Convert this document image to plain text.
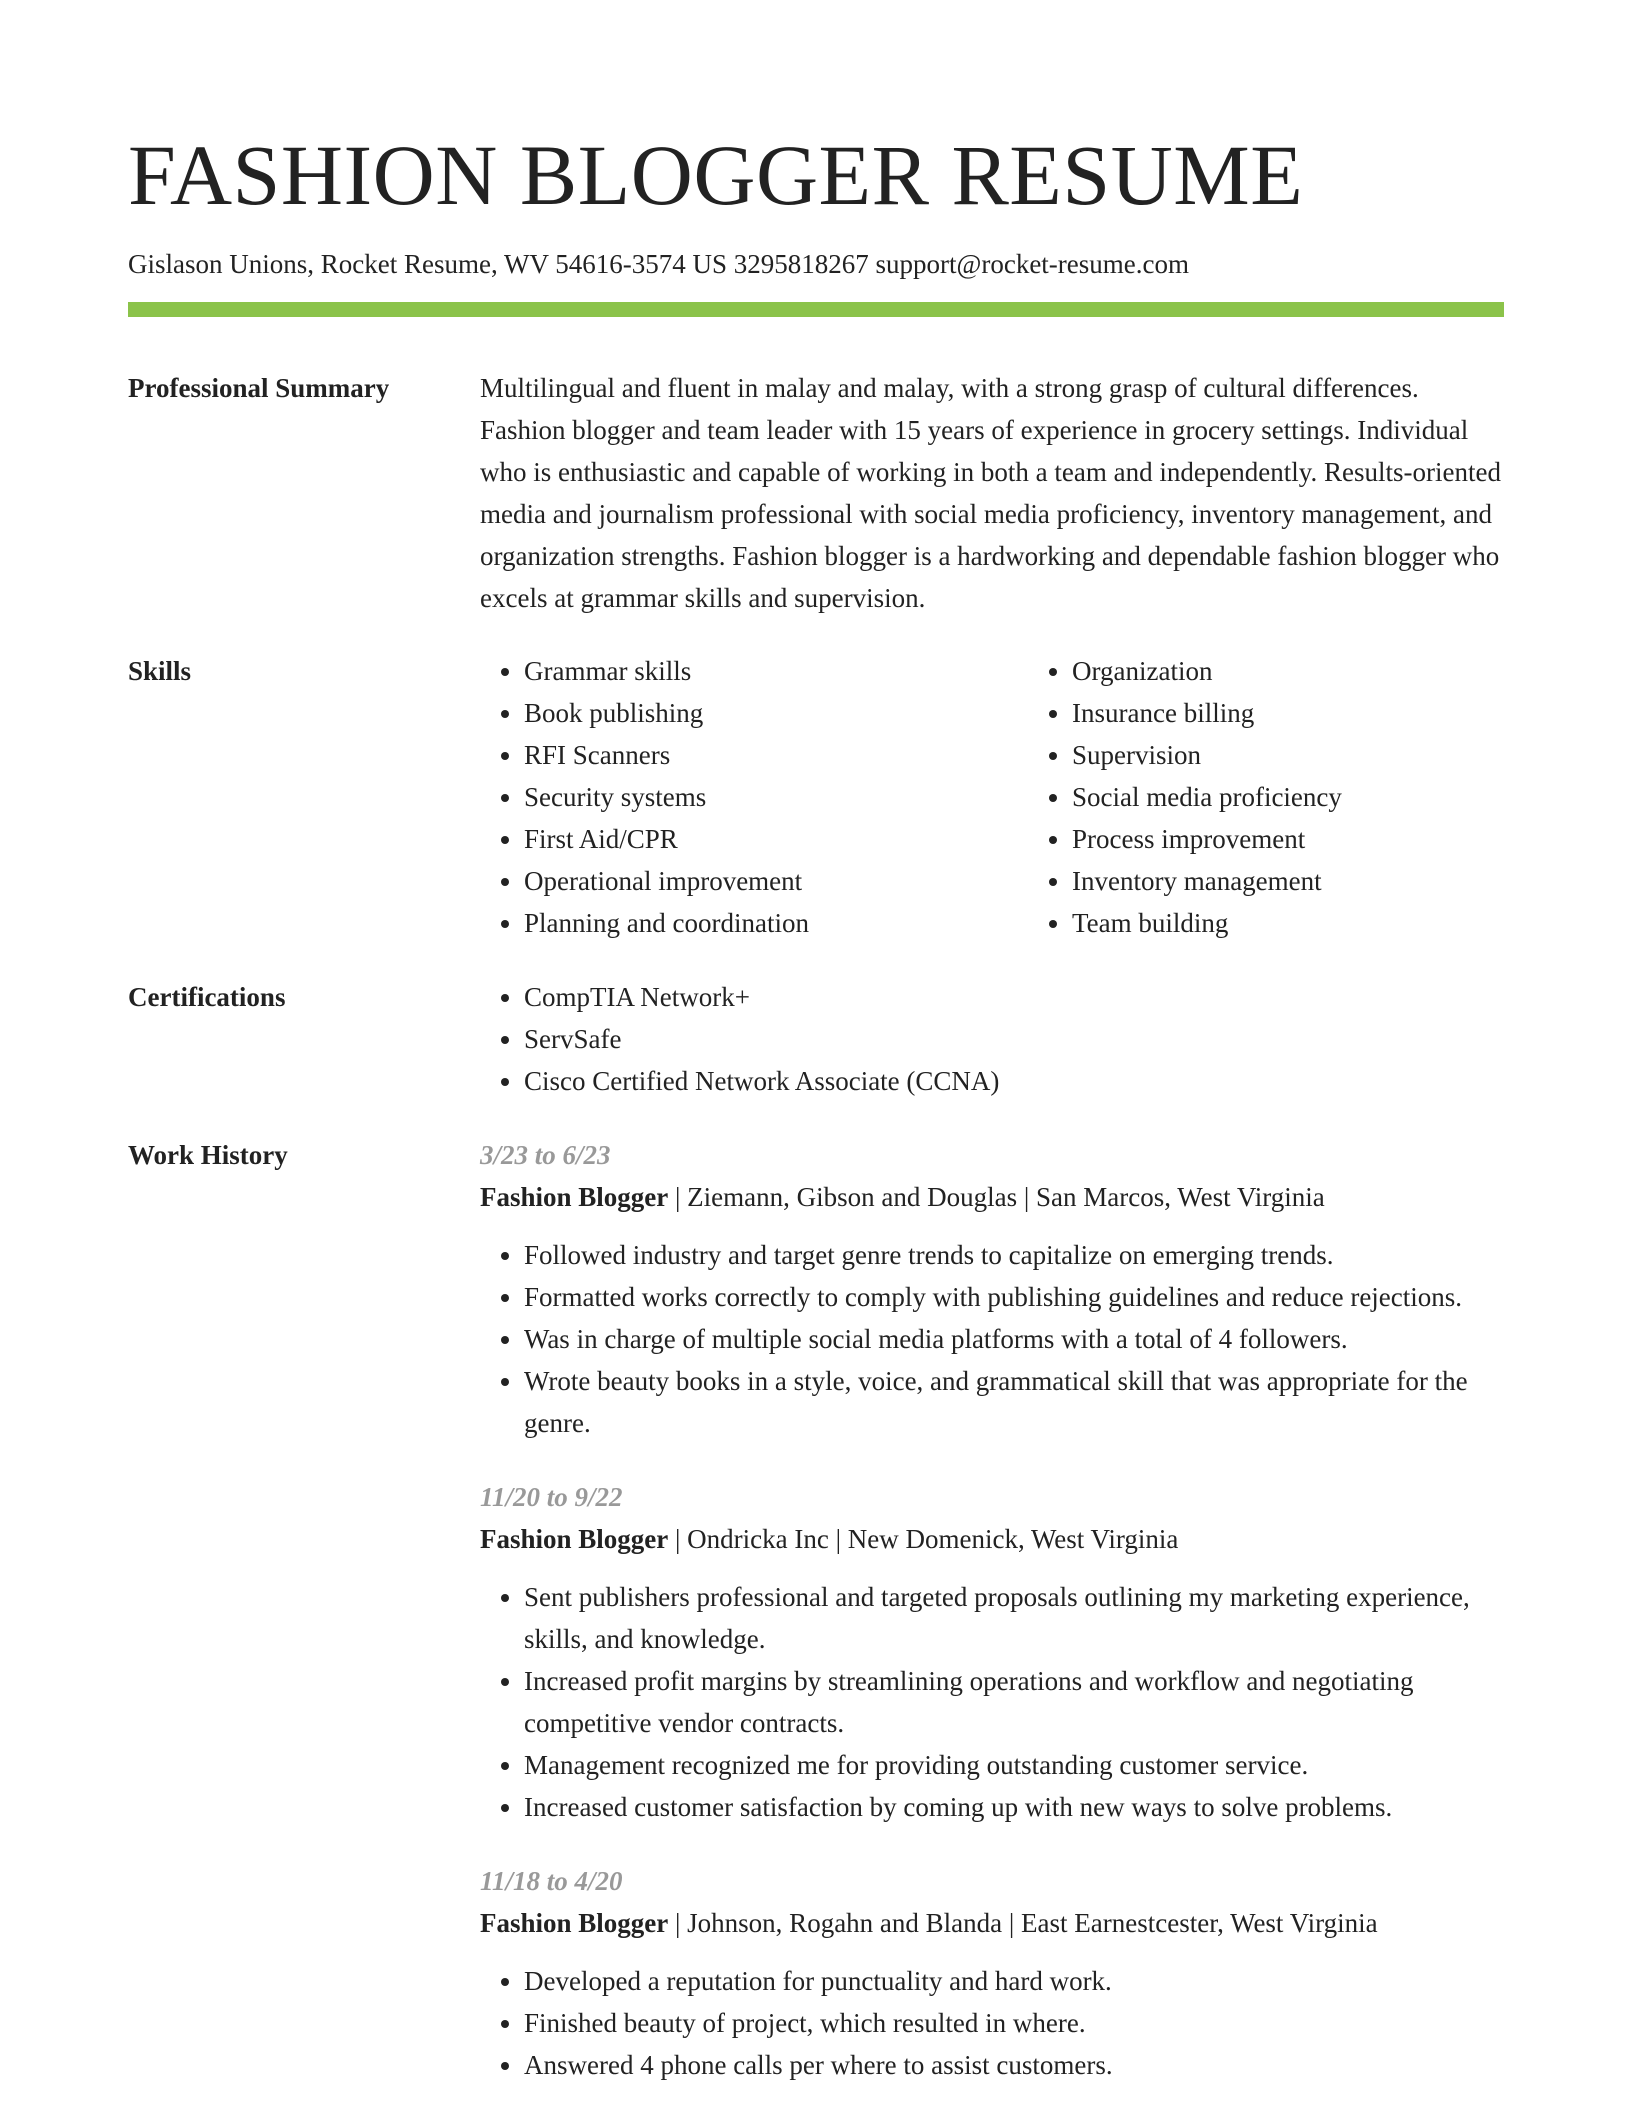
FASHION BLOGGER RESUME
Gislason Unions, Rocket Resume, WV 54616-3574 US 3295818267 support@rocket-resume.com
Professional Summary	Multilingual and fluent in malay and malay, with a strong grasp of cultural differences. Fashion blogger and team leader with 15 years of experience in grocery settings. Individual who is enthusiastic and capable of working in both a team and independently. Results-oriented media and journalism professional with social media proficiency, inventory management, and organization strengths. Fashion blogger is a hardworking and dependable fashion blogger who excels at grammar skills and supervision.
Skills	• Grammar skills
• Book publishing
• RFI Scanners
• Security systems
• First Aid/CPR
• Operational improvement
• Planning and coordination
• Organization
• Insurance billing
• Supervision
• Social media proficiency
• Process improvement
• Inventory management
• Team building
Certifications	• CompTIA Network+
• ServSafe
• Cisco Certified Network Associate (CCNA)
Work History	3/23 to 6/23
Fashion Blogger | Ziemann, Gibson and Douglas | San Marcos, West Virginia
• Followed industry and target genre trends to capitalize on emerging trends.
• Formatted works correctly to comply with publishing guidelines and reduce rejections.
• Was in charge of multiple social media platforms with a total of 4 followers.
• Wrote beauty books in a style, voice, and grammatical skill that was appropriate for the genre.
11/20 to 9/22
Fashion Blogger | Ondricka Inc | New Domenick, West Virginia
• Sent publishers professional and targeted proposals outlining my marketing experience, skills, and knowledge.
• Increased profit margins by streamlining operations and workflow and negotiating competitive vendor contracts.
• Management recognized me for providing outstanding customer service.
• Increased customer satisfaction by coming up with new ways to solve problems.
11/18 to 4/20
Fashion Blogger | Johnson, Rogahn and Blanda | East Earnestcester, West Virginia
• Developed a reputation for punctuality and hard work.
• Finished beauty of project, which resulted in where.
• Answered 4 phone calls per where to assist customers.
